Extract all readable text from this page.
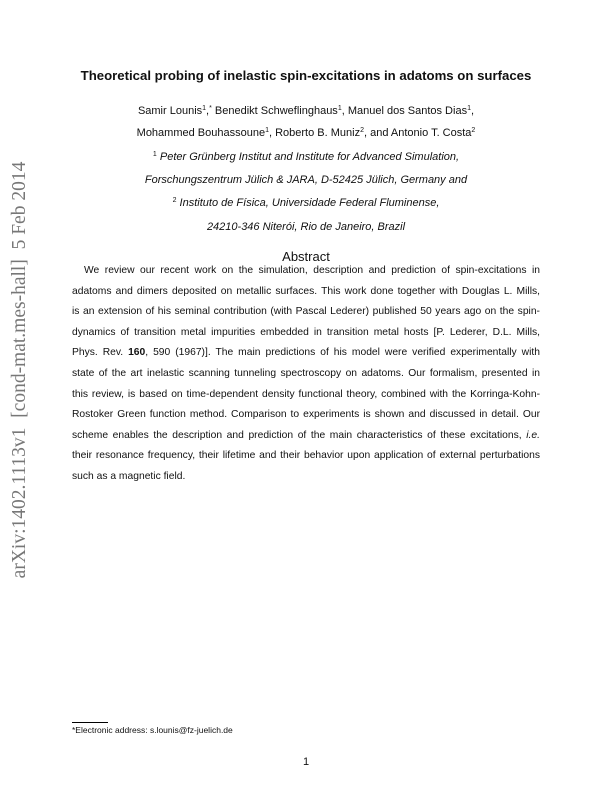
arXiv:1402.1113v1  [cond-mat.mes-hall]  5 Feb 2014
Theoretical probing of inelastic spin-excitations in adatoms on surfaces
Samir Lounis$^1$,* Benedikt Schweflinghaus$^1$, Manuel dos Santos Dias$^1$,
Mohammed Bouhassoune$^1$, Roberto B. Muniz$^2$, and Antonio T. Costa$^2$
$^1$ Peter Grünberg Institut and Institute for Advanced Simulation,
Forschungszentrum Jülich & JARA, D-52425 Jülich, Germany and
$^2$ Instituto de Física, Universidade Federal Fluminense,
24210-346 Niterói, Rio de Janeiro, Brazil
Abstract
We review our recent work on the simulation, description and prediction of spin-excitations in
adatoms and dimers deposited on metallic surfaces. This work done together with Douglas L. Mills,
is an extension of his seminal contribution (with Pascal Lederer) published 50 years ago on the spin-
dynamics of transition metal impurities embedded in transition metal hosts [P. Lederer, D.L. Mills,
Phys. Rev. 160, 590 (1967)]. The main predictions of his model were verified experimentally with
state of the art inelastic scanning tunneling spectroscopy on adatoms. Our formalism, presented in
this review, is based on time-dependent density functional theory, combined with the Korringa-Kohn-
Rostoker Green function method. Comparison to experiments is shown and discussed in detail. Our
scheme enables the description and prediction of the main characteristics of these excitations, i.e.
their resonance frequency, their lifetime and their behavior upon application of external perturbations
such as a magnetic field.
*Electronic address: s.lounis@fz-juelich.de
1
